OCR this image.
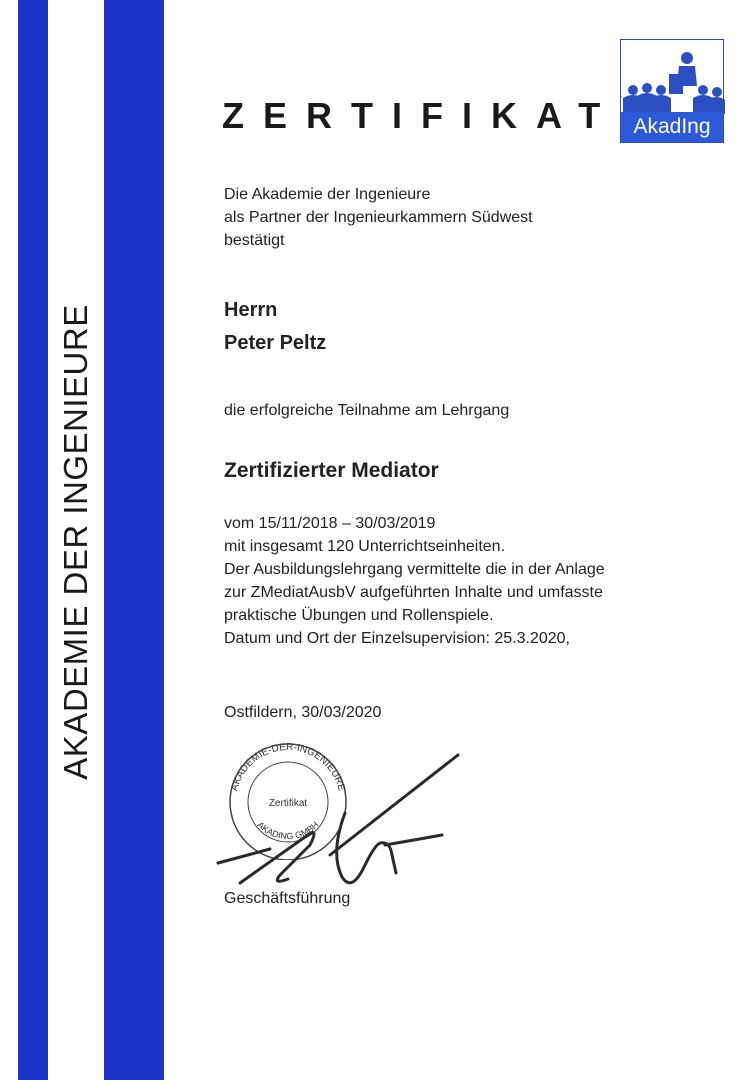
AKADEMIE DER INGENIEURE
ZERTIFIKAT AkadIng
Die Akademie der Ingenieure
als Partner der Ingenieurkammern Südwest
bestätigt
Herrn
Peter Peltz
die erfolgreiche Teilnahme am Lehrgang
Zertifizierter Mediator
vom 15/11/2018 – 30/03/2019
mit insgesamt 120 Unterrichtseinheiten.
Der Ausbildungslehrgang vermittelte die in der Anlage
zur ZMediatAusbV aufgeführten Inhalte und umfasste
praktische Übungen und Rollenspiele.
Datum und Ort der Einzelsupervision: 25.3.2020,
Ostfildern, 30/03/2020
AKADEMIE-DER-INGENIEURE
AKADING GMBH
Zertifikat
Geschäftsführung
